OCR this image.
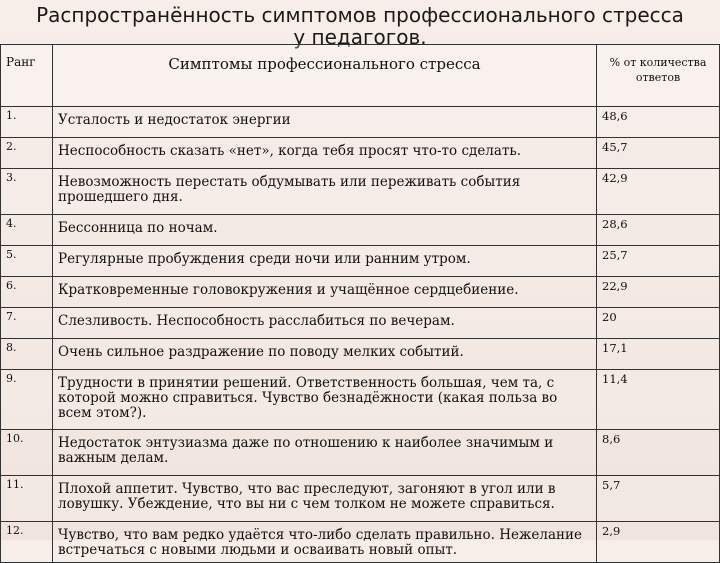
Распространённость симптомов профессионального стресса
у педагогов.
Ранг	Симптомы профессионального стресса	% от количества ответов
1.	Усталость и недостаток энергии	48,6
2.	Неспособность сказать «нет», когда тебя просят что-то сделать.	45,7
3.	Невозможность перестать обдумывать или переживать события прошедшего дня.	42,9
4.	Бессонница по ночам.	28,6
5.	Регулярные пробуждения среди ночи или ранним утром.	25,7
6.	Кратковременные головокружения и учащённое сердцебиение.	22,9
7.	Слезливость. Неспособность расслабиться по вечерам.	20
8.	Очень сильное раздражение по поводу мелких событий.	17,1
9.	Трудности в принятии решений. Ответственность большая, чем та, с которой можно справиться. Чувство безнадёжности (какая польза во всем этом?).	11,4
10.	Недостаток энтузиазма даже по отношению к наиболее значимым и важным делам.	8,6
11.	Плохой аппетит. Чувство, что вас преследуют, загоняют в угол или в ловушку. Убеждение, что вы ни с чем толком не можете справиться.	5,7
12.	Чувство, что вам редко удаётся что-либо сделать правильно. Нежелание встречаться с новыми людьми и осваивать новый опыт.	2,9
